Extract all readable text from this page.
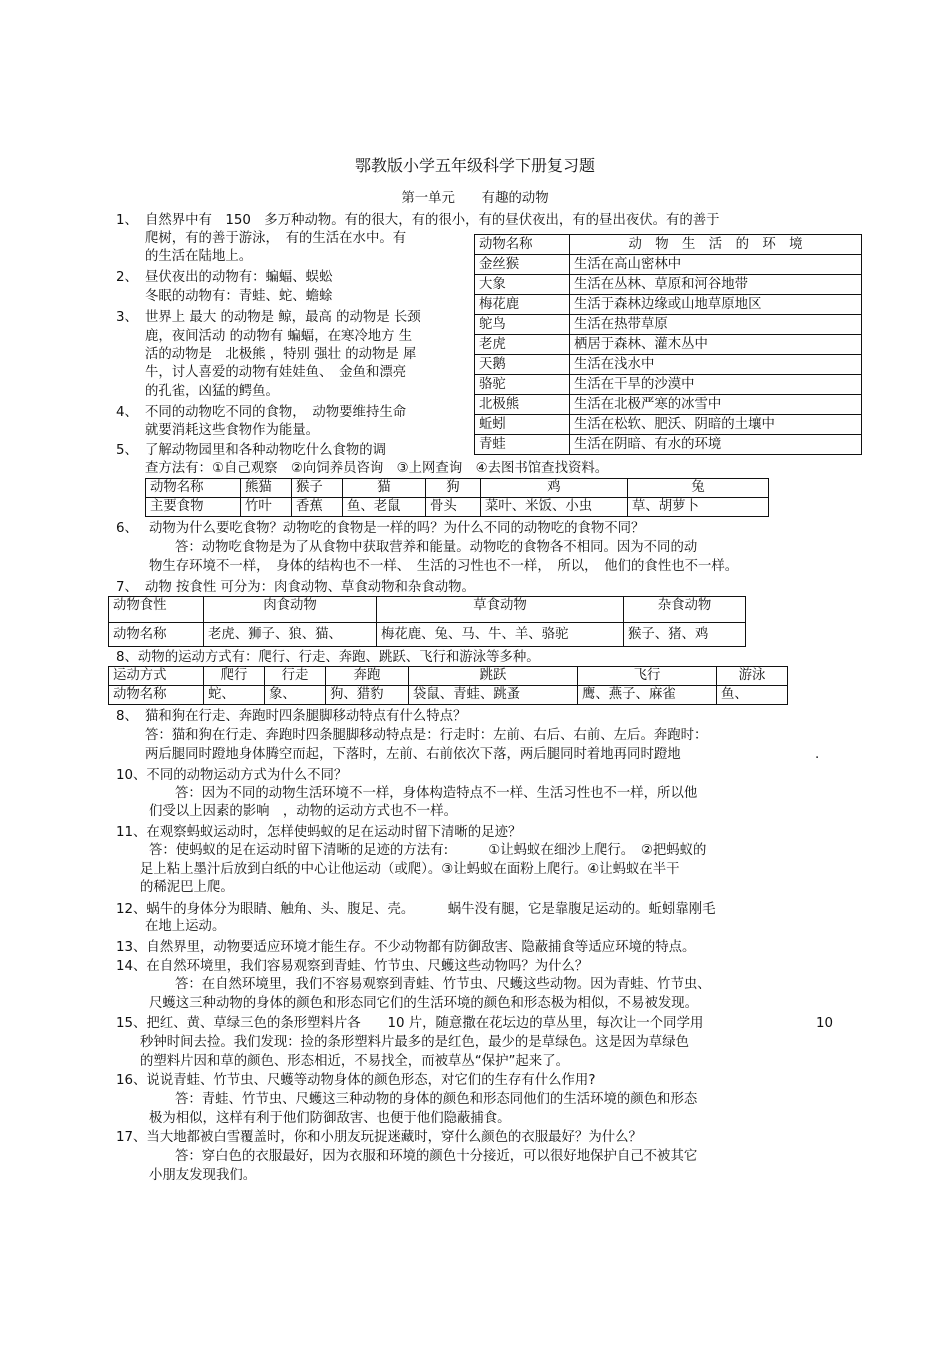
鄂教版小学五年级科学下册复习题
第一单元　　有趣的动物
1、 自然界中有　150　多万种动物。有的很大，有的很小，有的昼伏夜出，有的昼出夜伏。有的善于
爬树，有的善于游泳，　有的生活在水中。有
的生活在陆地上。
2、 昼伏夜出的动物有：蝙蝠、蜈蚣
冬眠的动物有：青蛙、蛇、蟾蜍
3、 世界上 最大 的动物是 鲸，最高 的动物是 长颈
鹿，夜间活动 的动物有 蝙蝠，在寒冷地方 生
活的动物是　北极熊 ，特别 强壮 的动物是 犀
牛，讨人喜爱的动物有娃娃鱼、　金鱼和漂亮
的孔雀，凶猛的鳄鱼。
4、 不同的动物吃不同的食物，　动物要维持生命
就要消耗这些食物作为能量。
5、 了解动物园里和各种动物吃什么食物的调
查方法有：①自己观察　②向饲养员咨询　③上网查询　④去图书馆查找资料。
动物名称	动　物　生　活　的　环　境
金丝猴	生活在高山密林中
大象	生活在丛林、草原和河谷地带
梅花鹿	生活于森林边缘或山地草原地区
鸵鸟	生活在热带草原
老虎	栖居于森林、灌木丛中
天鹅	生活在浅水中
骆驼	生活在干旱的沙漠中
北极熊	生活在北极严寒的冰雪中
蚯蚓	生活在松软、肥沃、阴暗的土壤中
青蛙	生活在阴暗、有水的环境
动物名称	熊猫	猴子	猫	狗	鸡	兔
主要食物	竹叶	香蕉	鱼、老鼠	骨头	菜叶、米饭、小虫	草、胡萝卜
6、 动物为什么要吃食物？动物吃的食物是一样的吗？为什么不同的动物吃的食物不同？
答：动物吃食物是为了从食物中获取营养和能量。动物吃的食物各不相同。因为不同的动
物生存环境不一样，　身体的结构也不一样、　生活的习性也不一样，　所以，　他们的食性也不一样。
7、 动物 按食性 可分为：肉食动物、草食动物和杂食动物。
动物食性	肉食动物	草食动物	杂食动物
动物名称	老虎、狮子、狼、猫、	梅花鹿、兔、马、牛、羊、骆驼	猴子、猪、鸡
8、动物的运动方式有：爬行、行走、奔跑、跳跃、飞行和游泳等多种。
运动方式	爬行	行走	奔跑	跳跃	飞行	游泳
动物名称	蛇、	象、	狗、猎豹	袋鼠、青蛙、跳蚤	鹰、燕子、麻雀	鱼、
8、 猫和狗在行走、奔跑时四条腿脚移动特点有什么特点？
答：猫和狗在行走、奔跑时四条腿脚移动特点是：行走时：左前、右后、右前、左后。奔跑时：
两后腿同时蹬地身体腾空而起，下落时，左前、右前依次下落，两后腿同时着地再同时蹬地	.
10、不同的动物运动方式为什么不同？
答：因为不同的动物生活环境不一样，身体构造特点不一样、生活习性也不一样，所以他
们受以上因素的影响　，动物的运动方式也不一样。
11、在观察蚂蚁运动时，怎样使蚂蚁的足在运动时留下清晰的足迹？
答：使蚂蚁的足在运动时留下清晰的足迹的方法有:　　　①让蚂蚁在细沙上爬行。　②把蚂蚁的
足上粘上墨汁后放到白纸的中心让他运动（或爬）。③让蚂蚁在面粉上爬行。④让蚂蚁在半干
的稀泥巴上爬。
12、蜗牛的身体分为眼睛、触角、头、腹足、壳。　　　蜗牛没有腿，它是靠腹足运动的。蚯蚓靠刚毛
在地上运动。
13、自然界里，动物要适应环境才能生存。不少动物都有防御敌害、隐蔽捕食等适应环境的特点。
14、在自然环境里，我们容易观察到青蛙、竹节虫、尺蠖这些动物吗？为什么？
答：在自然环境里，我们不容易观察到青蛙、竹节虫、尺蠖这些动物。因为青蛙、竹节虫、
尺蠖这三种动物的身体的颜色和形态同它们的生活环境的颜色和形态极为相似，不易被发现。
15、把红、黄、草绿三色的条形塑料片各　　10 片，随意撒在花坛边的草丛里，每次让一个同学用	10
秒钟时间去捡。我们发现：捡的条形塑料片最多的是红色，最少的是草绿色。这是因为草绿色
的塑料片因和草的颜色、形态相近，不易找全，而被草丛“保护”起来了。
16、说说青蛙、竹节虫、尺蠖等动物身体的颜色形态，对它们的生存有什么作用?
答：青蛙、竹节虫、尺蠖这三种动物的身体的颜色和形态同他们的生活环境的颜色和形态
极为相似，这样有利于他们防御敌害、也便于他们隐蔽捕食。
17、当大地都被白雪覆盖时，你和小朋友玩捉迷藏时，穿什么颜色的衣服最好？为什么？
答：穿白色的衣服最好，因为衣服和环境的颜色十分接近，可以很好地保护自己不被其它
小朋友发现我们。
